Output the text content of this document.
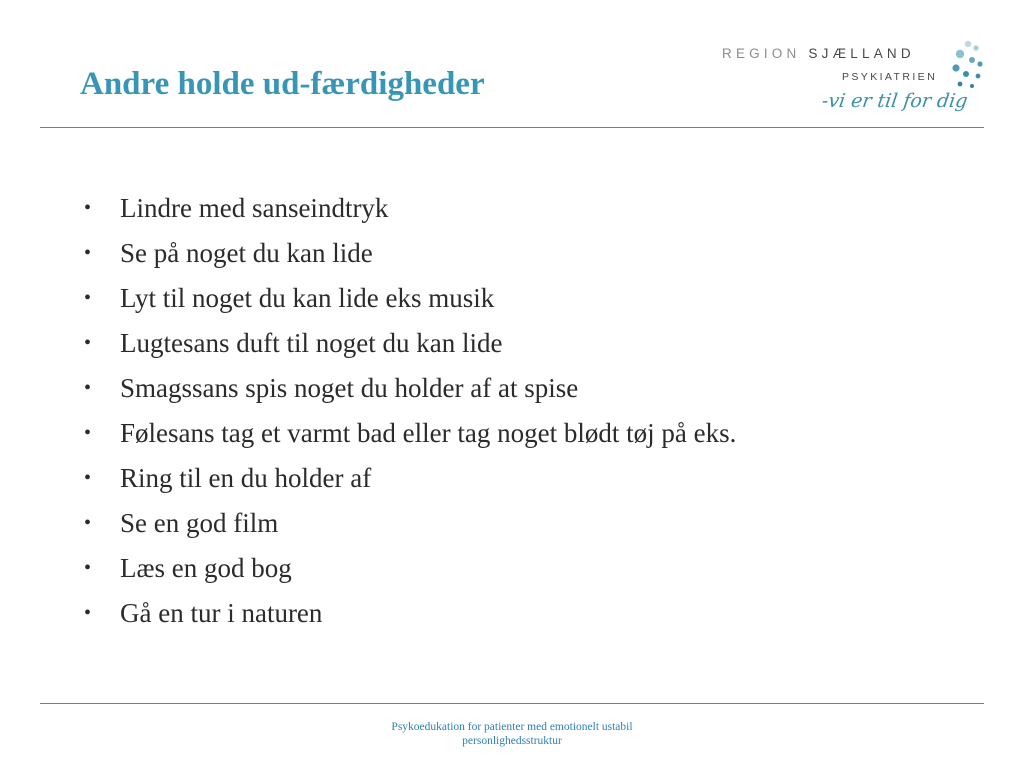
Andre holde ud-færdigheder
REGION SJÆLLAND
PSYKIATRIEN
-vi er til for dig
• Lindre med sanseindtryk
• Se på noget du kan lide
• Lyt til noget du kan lide eks musik
• Lugtesans duft til noget du kan lide
• Smagssans spis noget du holder af at spise
• Følesans tag et varmt bad eller tag noget blødt tøj på eks.
• Ring til en du holder af
• Se en god film
• Læs en god bog
• Gå en tur i naturen
Psykoedukation for patienter med emotionelt ustabil
personlighedsstruktur
